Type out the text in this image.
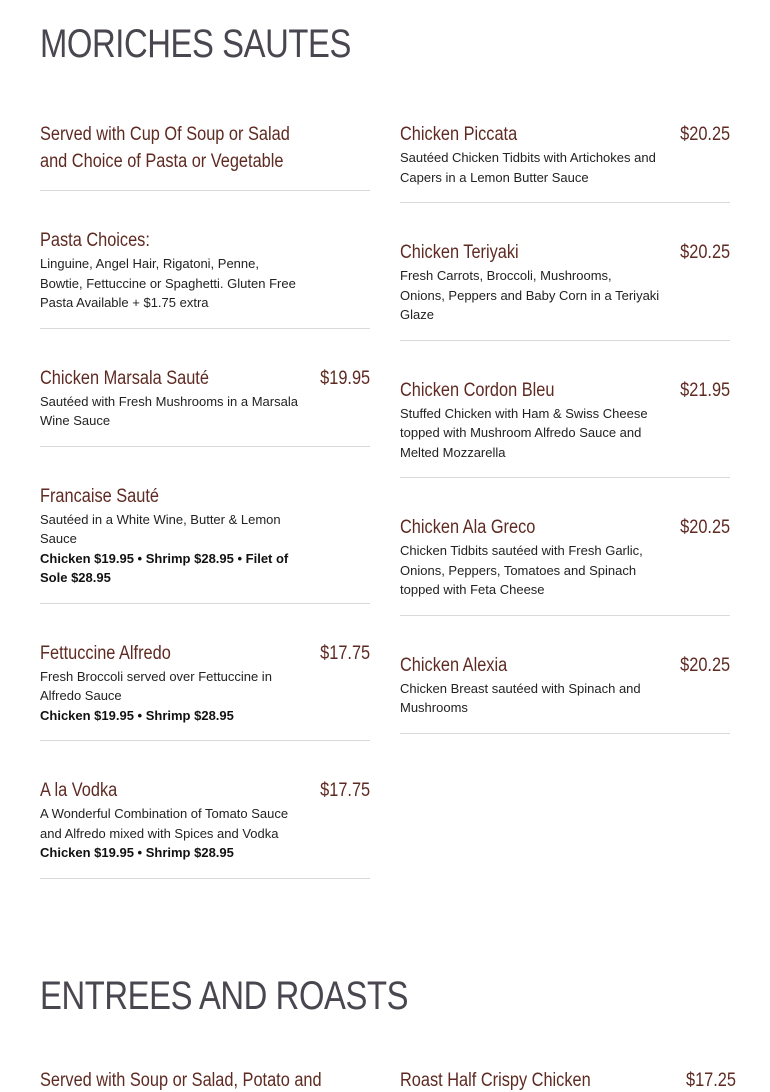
MORICHES SAUTES
Served with Cup Of Soup or Salad and Choice of Pasta or Vegetable
Pasta Choices:
Linguine, Angel Hair, Rigatoni, Penne, Bowtie, Fettuccine or Spaghetti. Gluten Free Pasta Available + $1.75 extra
Chicken Marsala Sauté	$19.95
Sautéed with Fresh Mushrooms in a Marsala Wine Sauce
Francaise Sauté
Sautéed in a White Wine, Butter & Lemon Sauce
Chicken $19.95 • Shrimp $28.95 • Filet of Sole $28.95
Fettuccine Alfredo	$17.75
Fresh Broccoli served over Fettuccine in Alfredo Sauce
Chicken $19.95 • Shrimp $28.95
A la Vodka	$17.75
A Wonderful Combination of Tomato Sauce and Alfredo mixed with Spices and Vodka
Chicken $19.95 • Shrimp $28.95
Chicken Piccata	$20.25
Sautéed Chicken Tidbits with Artichokes and Capers in a Lemon Butter Sauce
Chicken Teriyaki	$20.25
Fresh Carrots, Broccoli, Mushrooms, Onions, Peppers and Baby Corn in a Teriyaki Glaze
Chicken Cordon Bleu	$21.95
Stuffed Chicken with Ham & Swiss Cheese topped with Mushroom Alfredo Sauce and Melted Mozzarella
Chicken Ala Greco	$20.25
Chicken Tidbits sautéed with Fresh Garlic, Onions, Peppers, Tomatoes and Spinach topped with Feta Cheese
Chicken Alexia	$20.25
Chicken Breast sautéed with Spinach and Mushrooms
ENTREES AND ROASTS
Served with Soup or Salad, Potato and	Roast Half Crispy Chicken	$17.25
